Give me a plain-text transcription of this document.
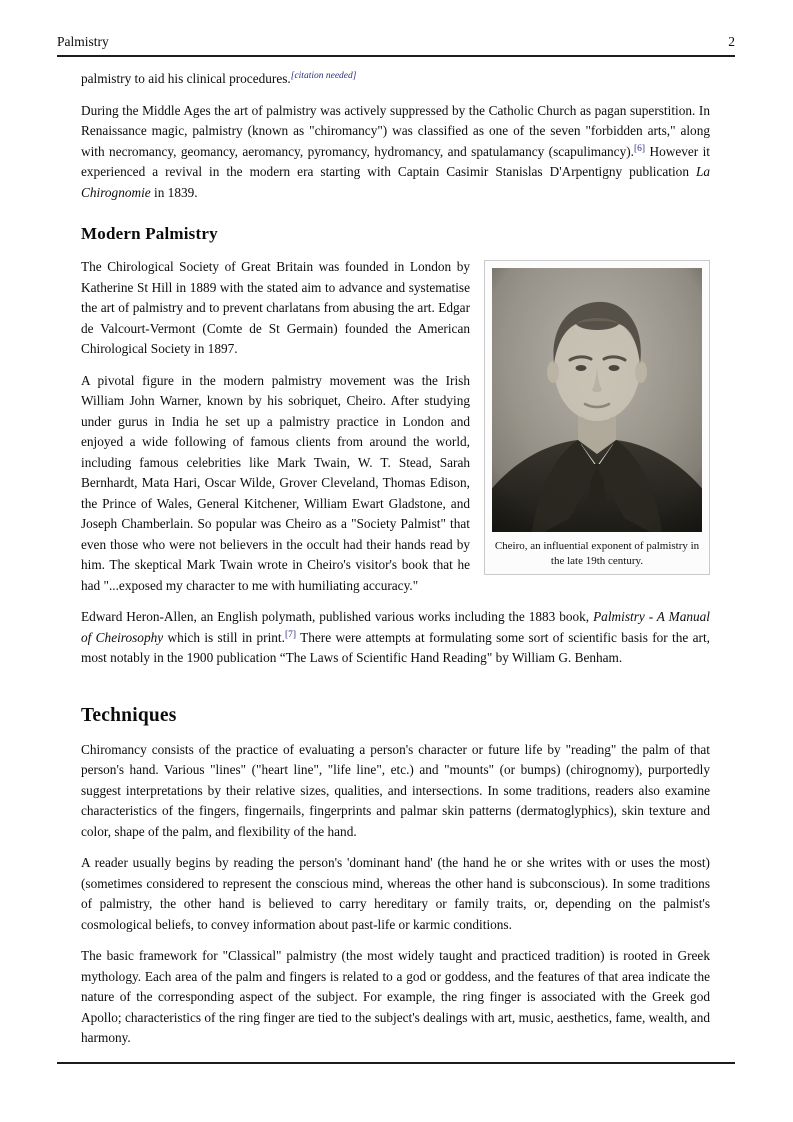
Palmistry	2

palmistry to aid his clinical procedures.[citation needed]

During the Middle Ages the art of palmistry was actively suppressed by the Catholic Church as pagan superstition. In Renaissance magic, palmistry (known as "chiromancy") was classified as one of the seven "forbidden arts," along with necromancy, geomancy, aeromancy, pyromancy, hydromancy, and spatulamancy (scapulimancy).[6] However it experienced a revival in the modern era starting with Captain Casimir Stanislas D'Arpentigny publication La Chirognomie in 1839.

Modern Palmistry
Cheiro, an influential exponent of palmistry in the late 19th century.

The Chirological Society of Great Britain was founded in London by Katherine St Hill in 1889 with the stated aim to advance and systematise the art of palmistry and to prevent charlatans from abusing the art. Edgar de Valcourt-Vermont (Comte de St Germain) founded the American Chirological Society in 1897.

A pivotal figure in the modern palmistry movement was the Irish William John Warner, known by his sobriquet, Cheiro. After studying under gurus in India he set up a palmistry practice in London and enjoyed a wide following of famous clients from around the world, including famous celebrities like Mark Twain, W. T. Stead, Sarah Bernhardt, Mata Hari, Oscar Wilde, Grover Cleveland, Thomas Edison, the Prince of Wales, General Kitchener, William Ewart Gladstone, and Joseph Chamberlain. So popular was Cheiro as a "Society Palmist" that even those who were not believers in the occult had their hands read by him. The skeptical Mark Twain wrote in Cheiro's visitor's book that he had "...exposed my character to me with humiliating accuracy."

Edward Heron-Allen, an English polymath, published various works including the 1883 book, Palmistry - A Manual of Cheirosophy which is still in print.[7] There were attempts at formulating some sort of scientific basis for the art, most notably in the 1900 publication “The Laws of Scientific Hand Reading" by William G. Benham.

Techniques

Chiromancy consists of the practice of evaluating a person's character or future life by "reading" the palm of that person's hand. Various "lines" ("heart line", "life line", etc.) and "mounts" (or bumps) (chirognomy), purportedly suggest interpretations by their relative sizes, qualities, and intersections. In some traditions, readers also examine characteristics of the fingers, fingernails, fingerprints and palmar skin patterns (dermatoglyphics), skin texture and color, shape of the palm, and flexibility of the hand.

A reader usually begins by reading the person's 'dominant hand' (the hand he or she writes with or uses the most)(sometimes considered to represent the conscious mind, whereas the other hand is subconscious). In some traditions of palmistry, the other hand is believed to carry hereditary or family traits, or, depending on the palmist's cosmological beliefs, to convey information about past-life or karmic conditions.

The basic framework for "Classical" palmistry (the most widely taught and practiced tradition) is rooted in Greek mythology. Each area of the palm and fingers is related to a god or goddess, and the features of that area indicate the nature of the corresponding aspect of the subject. For example, the ring finger is associated with the Greek god Apollo; characteristics of the ring finger are tied to the subject's dealings with art, music, aesthetics, fame, wealth, and harmony.
